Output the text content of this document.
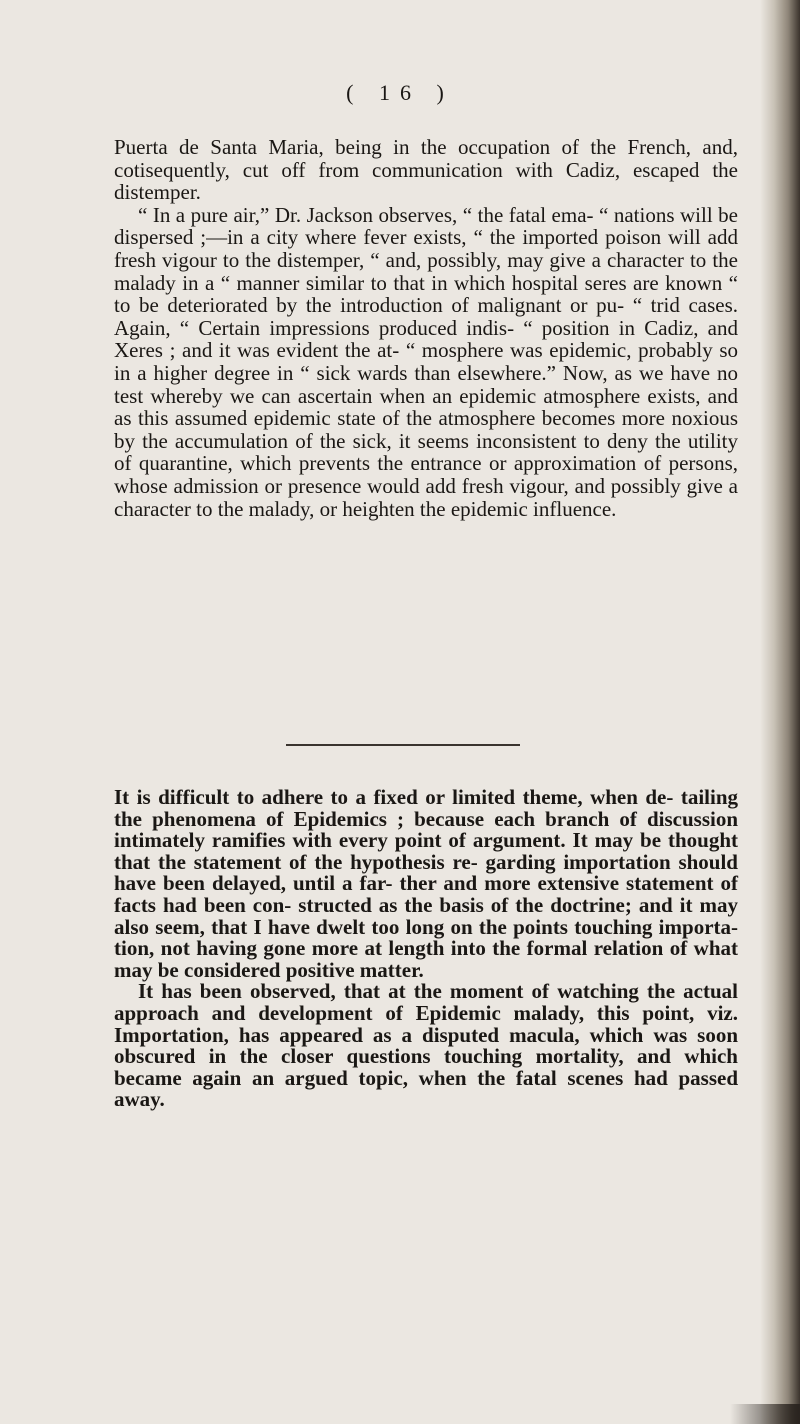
( 16 )

Puerta de Santa Maria, being in the occupation of the French, and, cotisequently, cut off from communication with Cadiz, escaped the distemper.

“ In a pure air,” Dr. Jackson observes, “ the fatal ema- “ nations will be dispersed ;—in a city where fever exists, “ the imported poison will add fresh vigour to the distemper, “ and, possibly, may give a character to the malady in a “ manner similar to that in which hospital seres are known “ to be deteriorated by the introduction of malignant or pu- “ trid cases. Again, “ Certain impressions produced indis- “ position in Cadiz, and Xeres ; and it was evident the at- “ mosphere was epidemic, probably so in a higher degree in “ sick wards than elsewhere.” Now, as we have no test whereby we can ascertain when an epidemic atmosphere exists, and as this assumed epidemic state of the atmosphere becomes more noxious by the accumulation of the sick, it seems inconsistent to deny the utility of quarantine, which prevents the entrance or approximation of persons, whose admission or presence would add fresh vigour, and possibly give a character to the malady, or heighten the epidemic influence.

It is difficult to adhere to a fixed or limited theme, when de- tailing the phenomena of Epidemics ; because each branch of discussion intimately ramifies with every point of argument. It may be thought that the statement of the hypothesis re- garding importation should have been delayed, until a far- ther and more extensive statement of facts had been con- structed as the basis of the doctrine; and it may also seem, that I have dwelt too long on the points touching importa- tion, not having gone more at length into the formal relation of what may be considered positive matter.

It has been observed, that at the moment of watching the actual approach and development of Epidemic malady, this point, viz. Importation, has appeared as a disputed macula, which was soon obscured in the closer questions touching mortality, and which became again an argued topic, when the fatal scenes had passed away.
